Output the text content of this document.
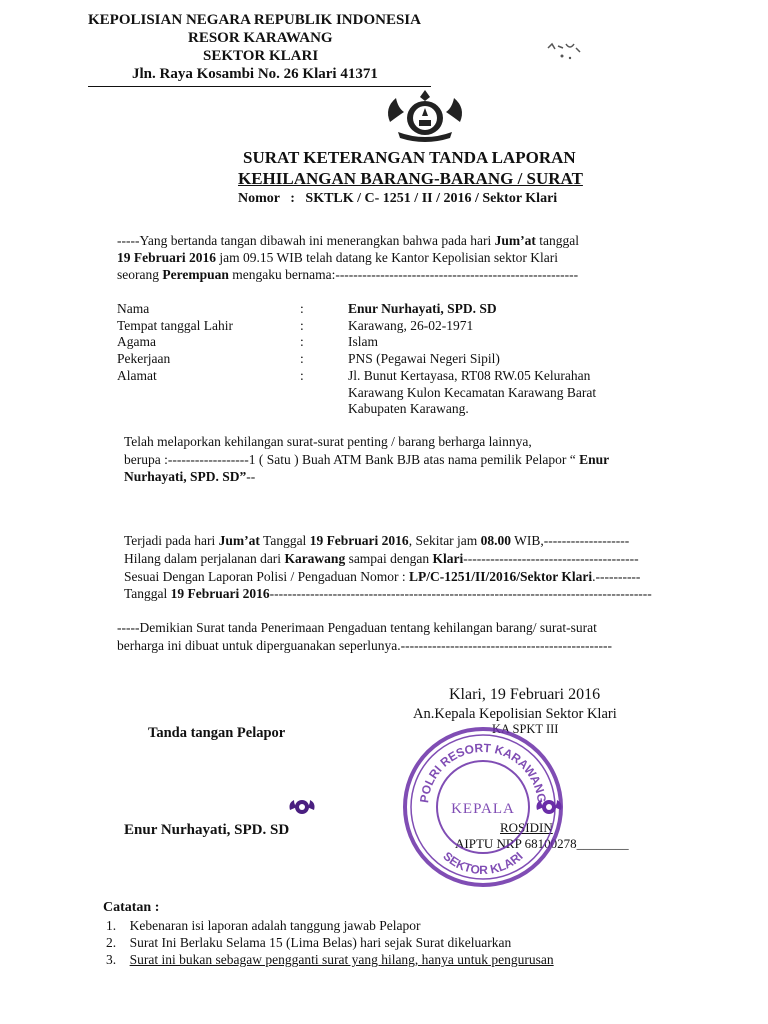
KEPOLISIAN NEGARA REPUBLIK INDONESIA
RESOR KARAWANG
SEKTOR KLARI
Jln. Raya Kosambi No. 26 Klari 41371
SURAT KETERANGAN TANDA LAPORAN
KEHILANGAN BARANG-BARANG / SURAT
Nomor   :   SKTLK / C- 1251 / II / 2016 / Sektor Klari
-----Yang bertanda tangan dibawah ini menerangkan bahwa pada hari Jum’at tanggal
19 Februari 2016 jam 09.15 WIB telah datang ke Kantor Kepolisian sektor Klari
seorang Perempuan mengaku bernama:------------------------------------------------------
Nama	:	Enur Nurhayati, SPD. SD
Tempat tanggal Lahir	:	Karawang, 26-02-1971
Agama	:	Islam
Pekerjaan	:	PNS (Pegawai Negeri Sipil)
Alamat	:	Jl. Bunut Kertayasa, RT08 RW.05 Kelurahan
Karawang Kulon Kecamatan Karawang Barat
Kabupaten Karawang.
Telah melaporkan kehilangan surat-surat penting / barang berharga lainnya,
berupa :------------------1 ( Satu ) Buah ATM Bank BJB atas nama pemilik Pelapor “ Enur
Nurhayati, SPD. SD”--
Terjadi pada hari Jum’at Tanggal 19 Februari 2016, Sekitar jam 08.00 WIB,-------------------
Hilang dalam perjalanan dari Karawang sampai dengan Klari---------------------------------------
Sesuai Dengan Laporan Polisi / Pengaduan Nomor : LP/C-1251/II/2016/Sektor Klari.----------
Tanggal 19 Februari 2016-------------------------------------------------------------------------------------
-----Demikian Surat tanda Penerimaan Pengaduan tentang kehilangan barang/ surat-surat
berharga ini dibuat untuk diperguanakan seperlunya.-----------------------------------------------
Klari, 19 Februari 2016
An.Kepala Kepolisian Sektor Klari
KA SPKT III
Tanda tangan Pelapor
Enur Nurhayati, SPD. SD	ROSIDIN
AIPTU NRP 68100278________
POLRI RESORT KARAWANG
SEKTOR KLARI
KEPALA
Catatan :
1. Kebenaran isi laporan adalah tanggung jawab Pelapor
2. Surat Ini Berlaku Selama 15 (Lima Belas) hari sejak Surat dikeluarkan
3. Surat ini bukan sebagaw pengganti surat yang hilang, hanya untuk pengurusan
